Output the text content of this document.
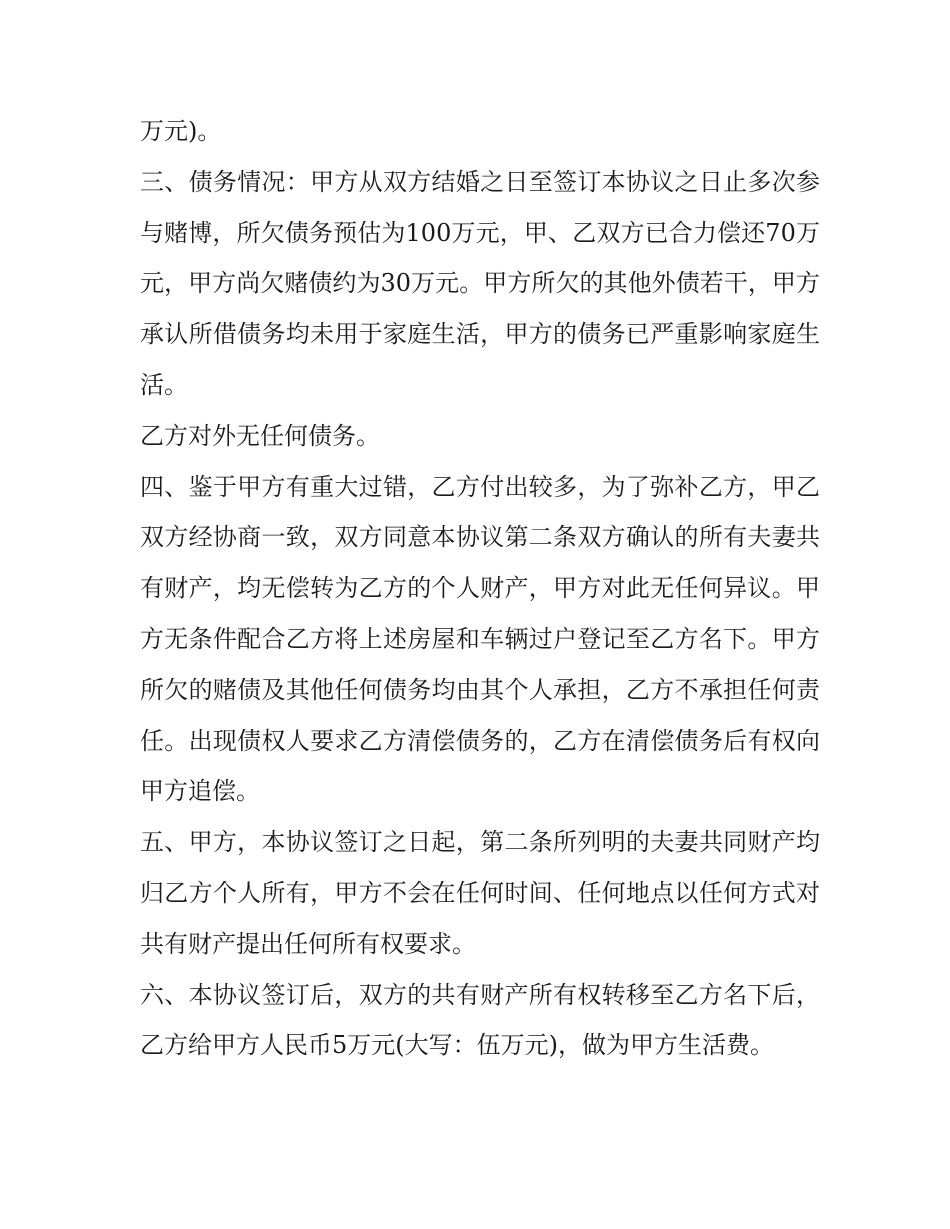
万元)。

三、债务情况：甲方从双方结婚之日至签订本协议之日止多次参与赌博，所欠债务预估为100万元，甲、乙双方已合力偿还70万元，甲方尚欠赌债约为30万元。甲方所欠的其他外债若干，甲方承认所借债务均未用于家庭生活，甲方的债务已严重影响家庭生活。

乙方对外无任何债务。

四、鉴于甲方有重大过错，乙方付出较多，为了弥补乙方，甲乙双方经协商一致，双方同意本协议第二条双方确认的所有夫妻共有财产，均无偿转为乙方的个人财产，甲方对此无任何异议。甲方无条件配合乙方将上述房屋和车辆过户登记至乙方名下。甲方所欠的赌债及其他任何债务均由其个人承担，乙方不承担任何责任。出现债权人要求乙方清偿债务的，乙方在清偿债务后有权向甲方追偿。

五、甲方，本协议签订之日起，第二条所列明的夫妻共同财产均归乙方个人所有，甲方不会在任何时间、任何地点以任何方式对共有财产提出任何所有权要求。

六、本协议签订后，双方的共有财产所有权转移至乙方名下后，乙方给甲方人民币5万元(大写：伍万元)，做为甲方生活费。
